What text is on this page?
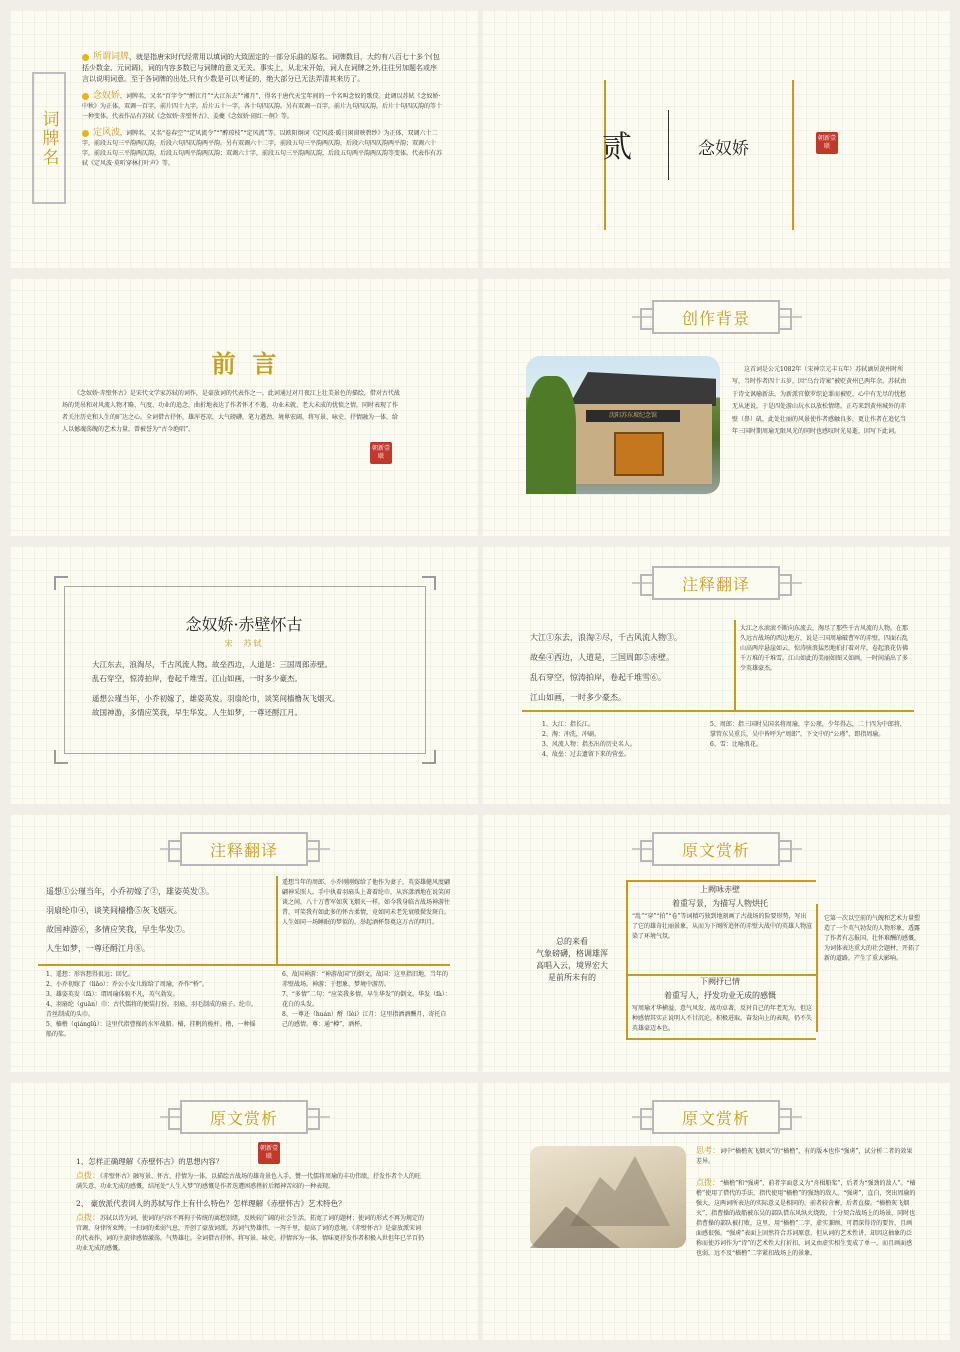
词牌名

所谓词牌，就是指唐宋时代经常用以填词的大致固定的一部分乐曲的原名。词牌数目，大约有八百七十多个(包括少数金、元词调)，词的内容多数已与词牌的意义无关。事实上，从北宋开始，词人在词牌之外,往往另加题名或序言以说明词意。至于各词牌的出处,只有少数是可以考证的，绝大部分已无法弄清其来历了。

念奴娇，词牌名，又名“百字令”“酹江月”“大江东去”“湘月”，得名于唐代天宝年间的一个名叫念奴的歌伎。此调以苏轼《念奴娇·中秋》为正体，双调一百字，前片四十九字，后片五十一字，各十句四仄韵。另有双调一百字，前片九句四仄韵，后片十句四仄韵的等十一种变体。代表作品有苏轼《念奴娇·赤壁怀古》、姜夔《念奴娇·闹红一舸》等。

定风波，词牌名，又名“卷春空”“定风流令”“”醉琼枝”“定风流”等。以欧阳炯词《定风波·暖日闲窗映碧纱》为正体，双调六十二字，前段五句三平韵两仄韵，后段六句四仄韵两平韵。另有双调六十二字，前段五句三平韵两仄韵，后段六句四仄韵两平韵；双调六十字，前段五句三平韵两仄韵，后段五句两平韵两仄韵；双调六十字，前段五句三平韵两仄韵，后段五句两平韵两仄韵等变体。代表作有苏轼《定风波·莫听穿林打叶声》等。	贰	念奴娇
朝新壹联
前  言
《念奴娇·赤壁怀古》是宋代文学家苏轼的词作，是豪放词的代表作之一。此词通过对月夜江上壮美景色的描绘，借对古代战场的凭吊和对风流人物才略、气度、功业的追念，曲折地表达了作者怀才不遇、功业未就、老大未成的忧愤之情，同时表现了作者关注历史和人生的旷达之心。全词借古抒怀，雄浑苍凉，大气磅礴，笔力遒劲，境界宏阔，将写景、咏史、抒情融为一体，给人以撼魂荡魄的艺术力量，曾被誉为“古今绝唱”。
朝新壹联
创作背景
沈阳苏东坡纪念馆
这首词是公元1082年（宋神宗元丰五年）苏轼谪居黄州时所写，当时作者四十五岁，因“乌台诗案”被贬黄州已两年余。苏轼由于诗文讽喻新法，为新派官僚罗织论罪而被贬，心中有无尽的忧愁无从述说，于是四处游山玩水以放松情绪。正巧来到黄州城外的赤壁（鼻）矶，此处壮丽的风景使作者感触良多，更让作者在追忆当年三国时期周瑜无限风光的同时也感叹时光易逝，因写下此词。
念奴娇·赤壁怀古
宋  苏轼
大江东去，浪淘尽，千古风流人物。故垒西边，人道是：三国周郎赤壁。
乱石穿空，惊涛拍岸，卷起千堆雪。江山如画，一时多少豪杰。
遥想公瑾当年，小乔初嫁了，雄姿英发。羽扇纶巾，谈笑间樯橹灰飞烟灭。
故国神游，多情应笑我，早生华发。人生如梦，一尊还酹江月。
注释翻译
大江①东去，浪淘②尽，千古风流人物③。
故垒④西边，人道是，三国周郎⑤赤壁。
乱石穿空，惊涛拍岸，卷起千堆雪⑥。
江山如画，一时多少豪杰。
大江之水滚滚不断向东流去，淘尽了那些千古风流的人物。在那久远古战场的西边地方，说是三国周瑜破曹军的赤壁。四面石乱山高两岸悬崖如云，惊涛骇浪猛烈地拍打着对岸，卷起浪花仿佛千万堆的千堆雪。江山如此的美丽如图又如画，一时间涌出了多少英雄豪杰。
1、大江：指长江。
2、淘：冲洗，冲刷。
3、风流人物：指杰出的历史名人。
4、故垒：过去遗留下来的营垒。
5、周郎：指三国时吴国名将周瑜，字公瑾，少年得志，二十四为中郎将，掌管东吴重兵，吴中皆呼为“周郎”。下文中的“公瑾”，即指周瑜。
6、雪：比喻浪花。
注释翻译
遥想①公瑾当年，小乔初嫁了②，雄姿英发③。
羽扇纶巾④，谈笑间樯橹⑤灰飞烟灭。
故国神游⑥，多情应笑我，早生华发⑦。
人生如梦，一尊还酹江月⑧。
遥想当年的周郎，小乔刚刚嫁给了他作为妻子，英姿雄健风度翩翩神采照人。手中执着羽扇头上著着纶巾，从容潇洒地在说笑闲谈之间，八十万曹军如灰飞烟灭一样。如今我身临古战场神游往昔，可笑我有如此多的怀古柔情，竟如同未老先衰般鬓发斑白。人生如同一场睡眠的梦似的，举起酒杯祭奠这万古的明月。
1、遥想：形容想得很远；回忆。
2、小乔初嫁了（liǎo）：乔公小女儿嫁给了周瑜，乔作“桥”。
3、雄姿英发（fā）：谓周瑜体貌不凡，英气勃发。
4、羽扇纶（guān）巾：古代儒将的便装打扮。羽扇，羽毛制成的扇子。纶巾，青丝制成的头巾。
5、樯橹（qiánglǔ）：这里代指曹操的水军战船。樯，挂帆的桅杆。橹，一种摇船的桨。
6、故国神游：“神游故国”的倒文。故国：这里指旧地，当年的赤壁战场。神游：于想象、梦境中游历。
7、“多情”二句：“应笑我多情，早生华发”的倒文。华发（fà）：花白的头发。
8、一尊还（huán）酹（lèi）江月：这里指洒酒酬月，寄托自己的感情。尊：通“樽”，酒杯。
原文赏析
总的来看
气象磅礴，格调雄浑
高唱入云，境界宏大
是前所未有的
上阙咏赤壁
着重写景，为描写人物烘托
“乱”“穿”“拍”“卷”等词精巧独到地刻画了古战场的险要形势，写出了它的雄奇壮丽景象，从而为下阕所追怀的赤壁大战中的英雄人物渲染了环境气氛。
下阙抒已情
着重写人，抒发功业无成的感慨
写周瑜才华横溢、意气风发，战功卓著，反衬自己的年老无为，但这种感情其实正说明人不甘沉沦，积极进取，奋发向上的表现，仍不失英雄豪迈本色。
它第一次以空前的气魄和艺术力量塑造了一个英气勃发的人物形象，透露了作者有志报国、壮怀难酬的感慨，为词体表达重大的社会题材，开拓了新的道路，产生了重大影响。
原文赏析
朝新壹联
1、怎样正确理解《赤壁怀古》的思想内容？
点拨：《赤壁怀古》融写景、怀古、抒情为一体，以描绘古战场的雄奇景色入手，赞一代儒将周瑜的丰功伟绩，抒发作者个人的旺满失意、功业无成的感慨，结尾处“人生入梦”的感慨是作者迭遭困惑挫折后精神苦闷的一种表现。
2、 豪放派代表词人的苏轼写作上有什么特色？怎样理解《赤壁怀古》艺术特色？
点拨：苏轼以诗为词，使词的内容不再拘于传统的离愁别绪，反映较广阔的社会生活，拓宽了词的题材；使词的形式不再为规定的宫调、身律所束缚，一扫词的柔弱气息，开创了豪放词派。苏词气势雄伟，一泻千里，提高了词的意境。《赤壁怀古》是豪放派宋词的代表作，词的主旋律感情激荡，气势雄壮。全词借古抒怀，将写景、咏史、抒情容为一体，情味更抒发作者积极入世但年已半百仍功业无成的感慨。
原文赏析
思考：词中“樯橹灰飞烟灭”的“樯橹”，有的版本也作“强虏”，试分析二者的效果差异。
点拨：“樯橹”和“强虏”，前者字面意义为“舟楫船桨”，后者为“强劲的敌人”。“樯橹”使用了借代的手法，指代使用“樯橹”的强劲的敌人。“强虏”，直白，突出周瑜的强大，这两词所表达的实际意义是相同的。前者较含蓄，后者直接。“樯橹灰飞烟灭”，指曹操的战船被东吴的部队借东风纵火烧毁，十分契合战场上的场景，同时也指曹操的部队被打败，这里，用“樯橹”二字，虚实兼顾，可谓深得诗的要旨，且画面感很强。“强虏”表面上固然符合苏词原意，但从词的艺术性讲，却因这抽象的泛称而使苏词作为“诗”的艺术性大打折扣，词义由虚实相生变成了单一，而且画面感也弱，远不及“樯橹”二字紧扣战场上的景象。
